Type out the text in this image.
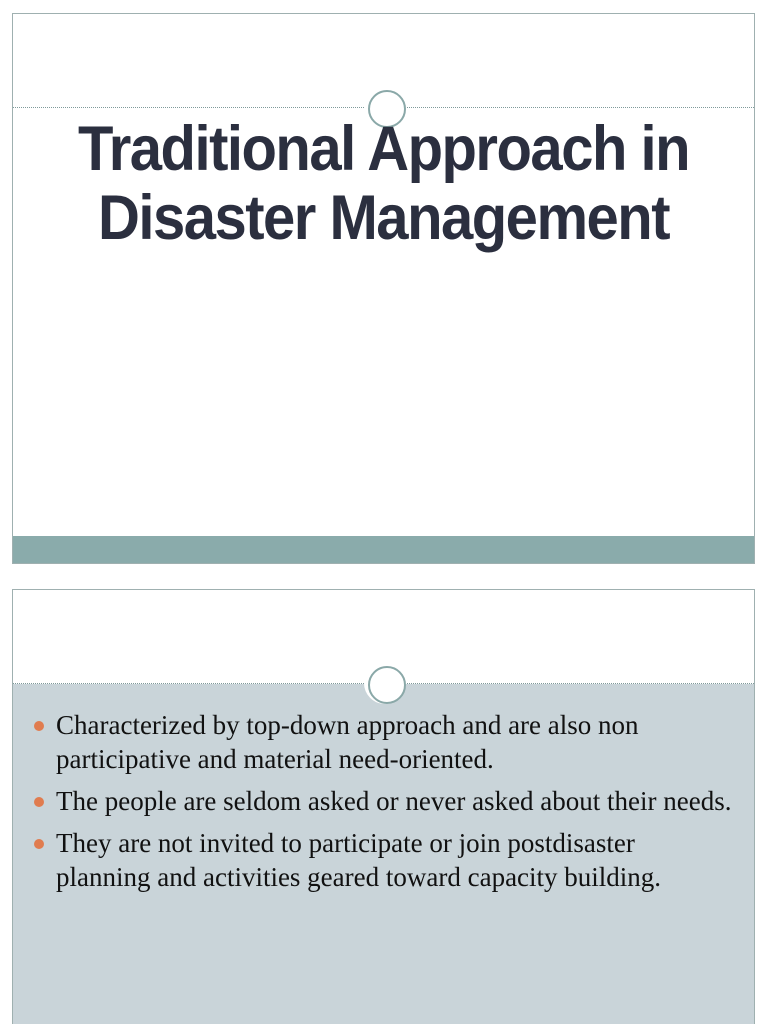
Traditional Approach in
Disaster Management
Characterized by top-down approach and are also non participative and material need-oriented.
The people are seldom asked or never asked about their needs.
They are not invited to participate or join postdisaster planning and activities geared toward capacity building.
